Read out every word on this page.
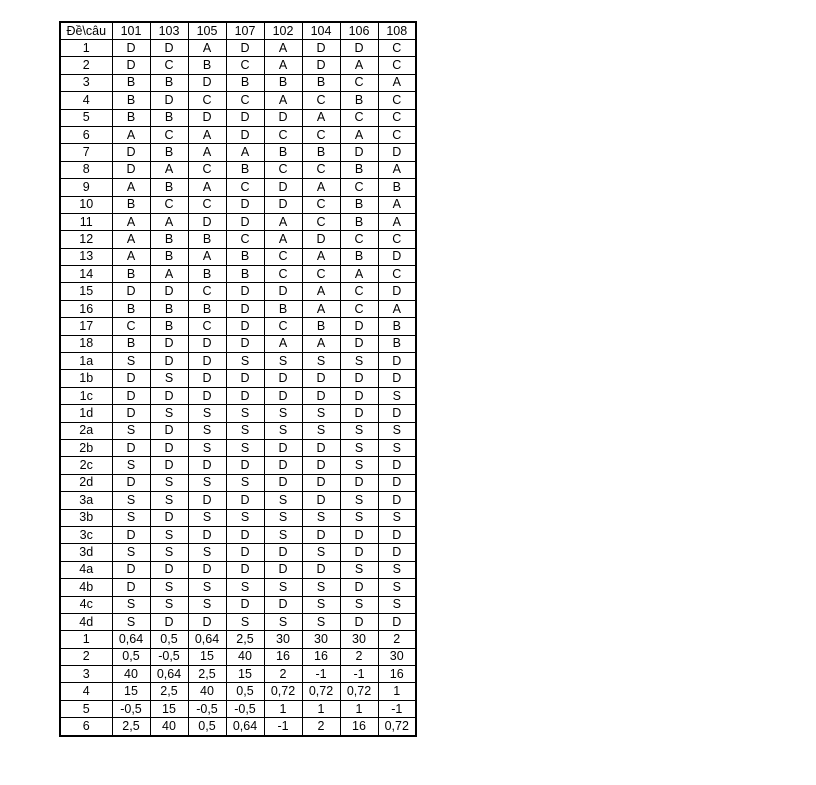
Đề\câu	101	103	105	107	102	104	106	108
1	D	D	A	D	A	D	D	C
2	D	C	B	C	A	D	A	C
3	B	B	D	B	B	B	C	A
4	B	D	C	C	A	C	B	C
5	B	B	D	D	D	A	C	C
6	A	C	A	D	C	C	A	C
7	D	B	A	A	B	B	D	D
8	D	A	C	B	C	C	B	A
9	A	B	A	C	D	A	C	B
10	B	C	C	D	D	C	B	A
11	A	A	D	D	A	C	B	A
12	A	B	B	C	A	D	C	C
13	A	B	A	B	C	A	B	D
14	B	A	B	B	C	C	A	C
15	D	D	C	D	D	A	C	D
16	B	B	B	D	B	A	C	A
17	C	B	C	D	C	B	D	B
18	B	D	D	D	A	A	D	B
1a	S	D	D	S	S	S	S	D
1b	D	S	D	D	D	D	D	D
1c	D	D	D	D	D	D	D	S
1d	D	S	S	S	S	S	D	D
2a	S	D	S	S	S	S	S	S
2b	D	D	S	S	D	D	S	S
2c	S	D	D	D	D	D	S	D
2d	D	S	S	S	D	D	D	D
3a	S	S	D	D	S	D	S	D
3b	S	D	S	S	S	S	S	S
3c	D	S	D	D	S	D	D	D
3d	S	S	S	D	D	S	D	D
4a	D	D	D	D	D	D	S	S
4b	D	S	S	S	S	S	D	S
4c	S	S	S	D	D	S	S	S
4d	S	D	D	S	S	S	D	D
1	0,64	0,5	0,64	2,5	30	30	30	2
2	0,5	-0,5	15	40	16	16	2	30
3	40	0,64	2,5	15	2	-1	-1	16
4	15	2,5	40	0,5	0,72	0,72	0,72	1
5	-0,5	15	-0,5	-0,5	1	1	1	-1
6	2,5	40	0,5	0,64	-1	2	16	0,72
